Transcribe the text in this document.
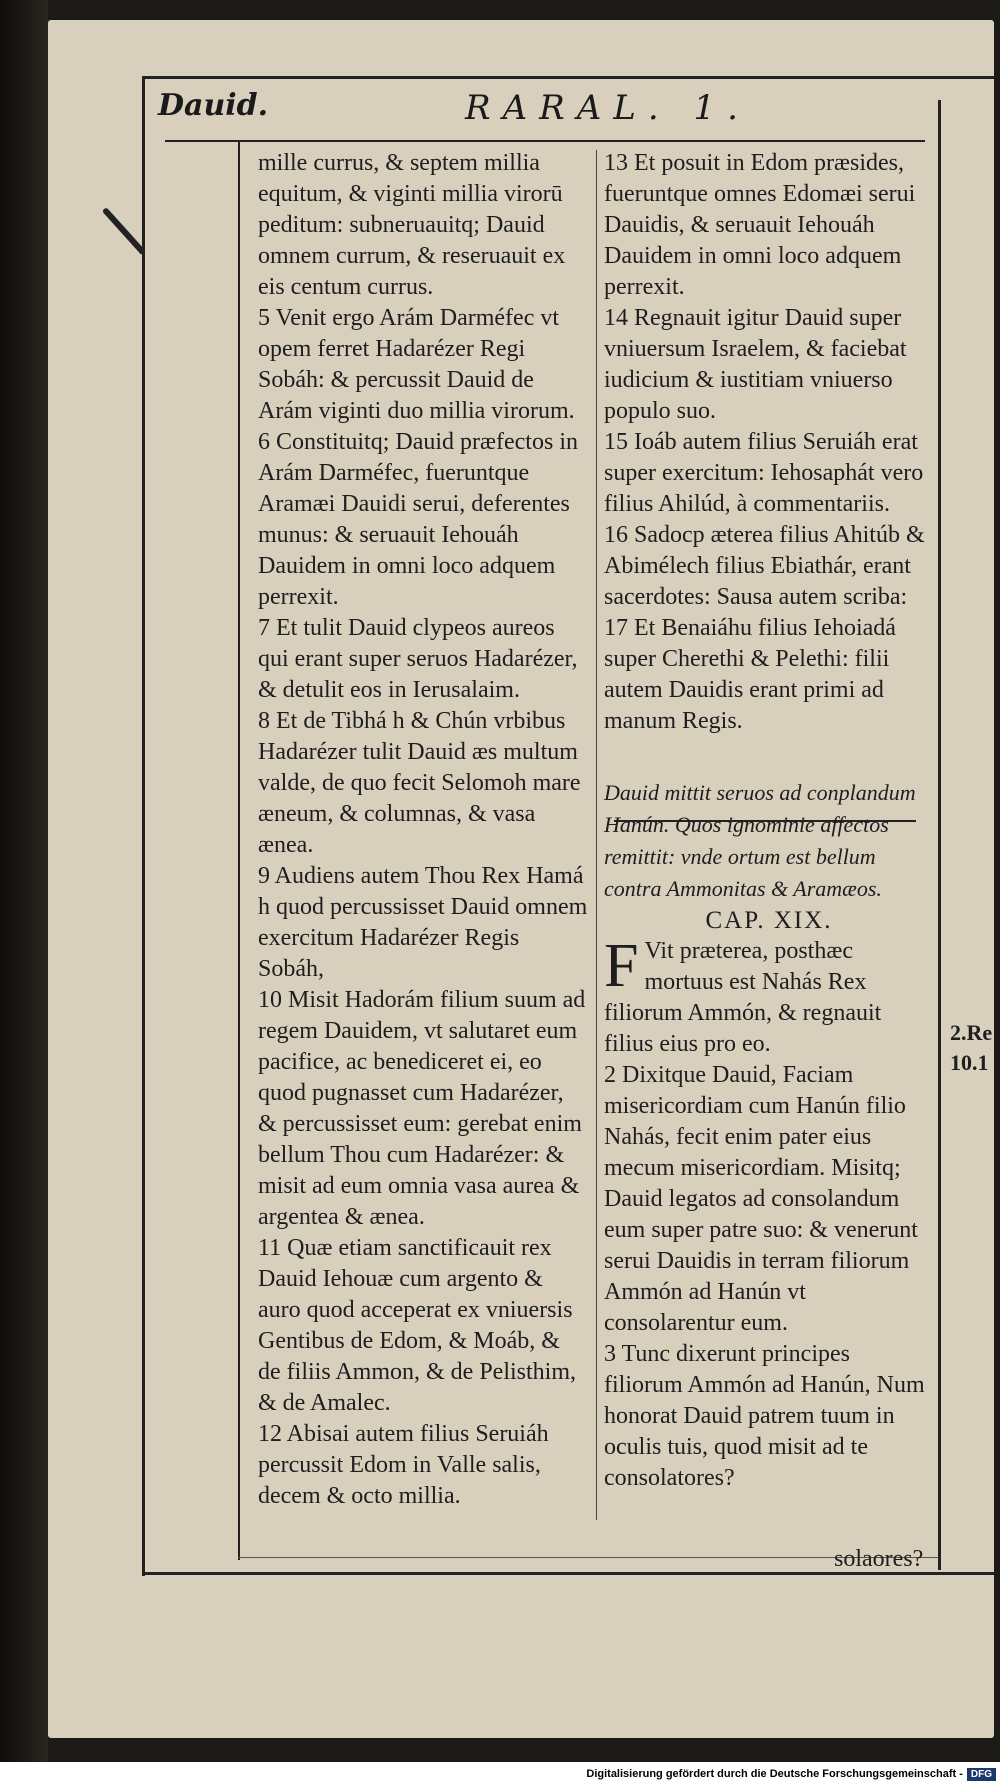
Dauid.	RARAL. 1.

mille currus, & septem millia equitum, & viginti millia virorū peditum: subneruauitq; Dauid omnem currum, & reseruauit ex eis centum currus.

5 Venit ergo Arám Darméfec vt opem ferret Hadarézer Regi Sobáh: & percussit Dauid de Arám viginti duo millia virorum.

6 Constituitq; Dauid præfectos in Arám Darméfec, fueruntque Aramæi Dauidi serui, deferentes munus: & seruauit Iehouáh Dauidem in omni loco adquem perrexit.

7 Et tulit Dauid clypeos aureos qui erant super seruos Hadarézer, & detulit eos in Ierusalaim.

8 Et de Tibhá h & Chún vrbibus Hadarézer tulit Dauid æs multum valde, de quo fecit Selomoh mare æneum, & columnas, & vasa ænea.

9 Audiens autem Thou Rex Hamá h quod percussisset Dauid omnem exercitum Hadarézer Regis Sobáh,

10 Misit Hadorám filium suum ad regem Dauidem, vt salutaret eum pacifice, ac benediceret ei, eo quod pugnasset cum Hadarézer, & percussisset eum: gerebat enim bellum Thou cum Hadarézer: & misit ad eum omnia vasa aurea & argentea & ænea.

11 Quæ etiam sanctificauit rex Dauid Iehouæ cum argento & auro quod acceperat ex vniuersis Gentibus de Edom, & Moáb, & de filiis Ammon, & de Pelisthim, & de Amalec.

12 Abisai autem filius Seruiáh percussit Edom in Valle salis, decem & octo millia.

13 Et posuit in Edom præsides, fueruntque omnes Edomæi serui Dauidis, & seruauit Iehouáh Dauidem in omni loco adquem perrexit.

14 Regnauit igitur Dauid super vniuersum Israelem, & faciebat iudicium & iustitiam vniuerso populo suo.

15 Ioáb autem filius Seruiáh erat super exercitum: Iehosaphát vero filius Ahilúd, à commentariis.

16 Sadocp æterea filius Ahitúb & Abimélech filius Ebiathár, erant sacerdotes: Sausa autem scriba:

17 Et Benaiáhu filius Iehoiadá super Cherethi & Pelethi: filii autem Dauidis erant primi ad manum Regis.

Dauid mittit seruos ad conplandum Hanún. Quos ignominie affectos remittit: vnde ortum est bellum contra Ammonitas & Aramæos.

CAP. XIX.

F Vit præterea, posthæc mortuus est Nahás Rex filiorum Ammón, & regnauit filius eius pro eo.

2 Dixitque Dauid, Faciam misericordiam cum Hanún filio Nahás, fecit enim pater eius mecum misericordiam. Misitq; Dauid legatos ad consolandum eum super patre suo: & venerunt serui Dauidis in terram filiorum Ammón ad Hanún vt consolarentur eum.

3 Tunc dixerunt principes filiorum Ammón ad Hanún, Num honorat Dauid patrem tuum in oculis tuis, quod misit ad te consolatores?

2.Re
10.1
solaores?
Digitalisierung gefördert durch die Deutsche Forschungsgemeinschaft - DFG
